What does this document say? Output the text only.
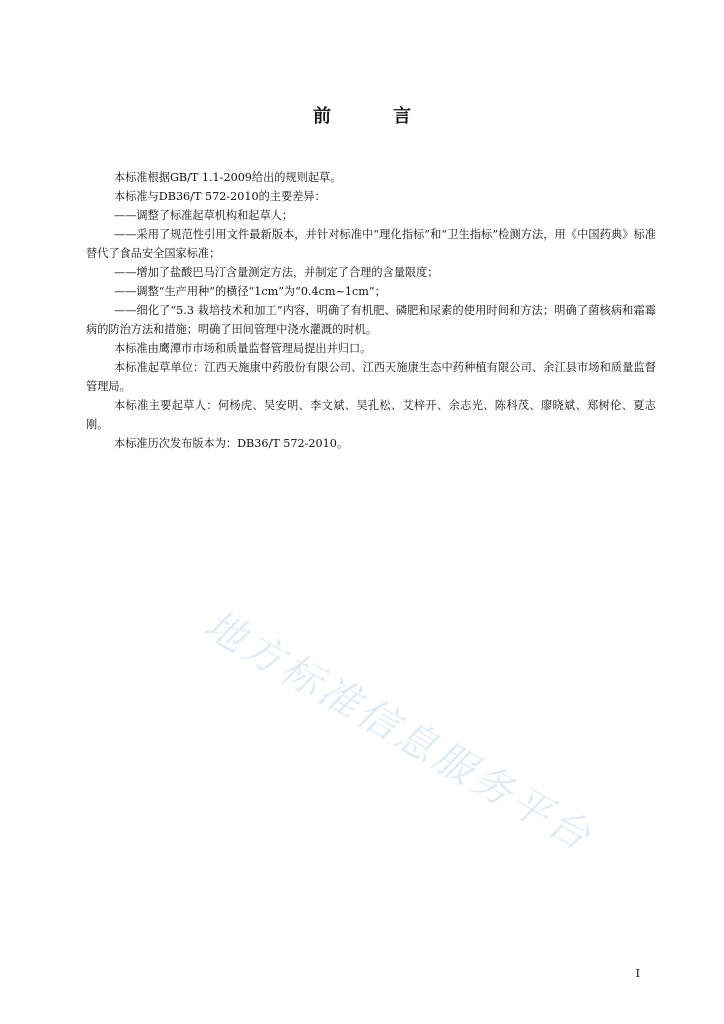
前　言

本标准根据GB/T 1.1-2009给出的规则起草。

本标准与DB36/T 572-2010的主要差异：

——调整了标准起草机构和起草人；

——采用了规范性引用文件最新版本，并针对标准中“理化指标”和“卫生指标”检测方法，用《中国药典》标准替代了食品安全国家标准；

——增加了盐酸巴马汀含量测定方法，并制定了合理的含量限度；

——调整“生产用种”的横径“1cm”为“0.4cm~1cm”；

——细化了“5.3 栽培技术和加工”内容，明确了有机肥、磷肥和尿素的使用时间和方法；明确了菌核病和霜霉病的防治方法和措施；明确了田间管理中浇水灌溉的时机。

本标准由鹰潭市市场和质量监督管理局提出并归口。

本标准起草单位：江西天施康中药股份有限公司、江西天施康生态中药种植有限公司、余江县市场和质量监督管理局。

本标准主要起草人：何杨虎、吴安明、李文斌、吴孔松、艾梓开、余志光、陈科茂、廖晓斌、郑树伦、夏志刚。

本标准历次发布版本为：DB36/T 572-2010。

地方标准信息服务平台
I
